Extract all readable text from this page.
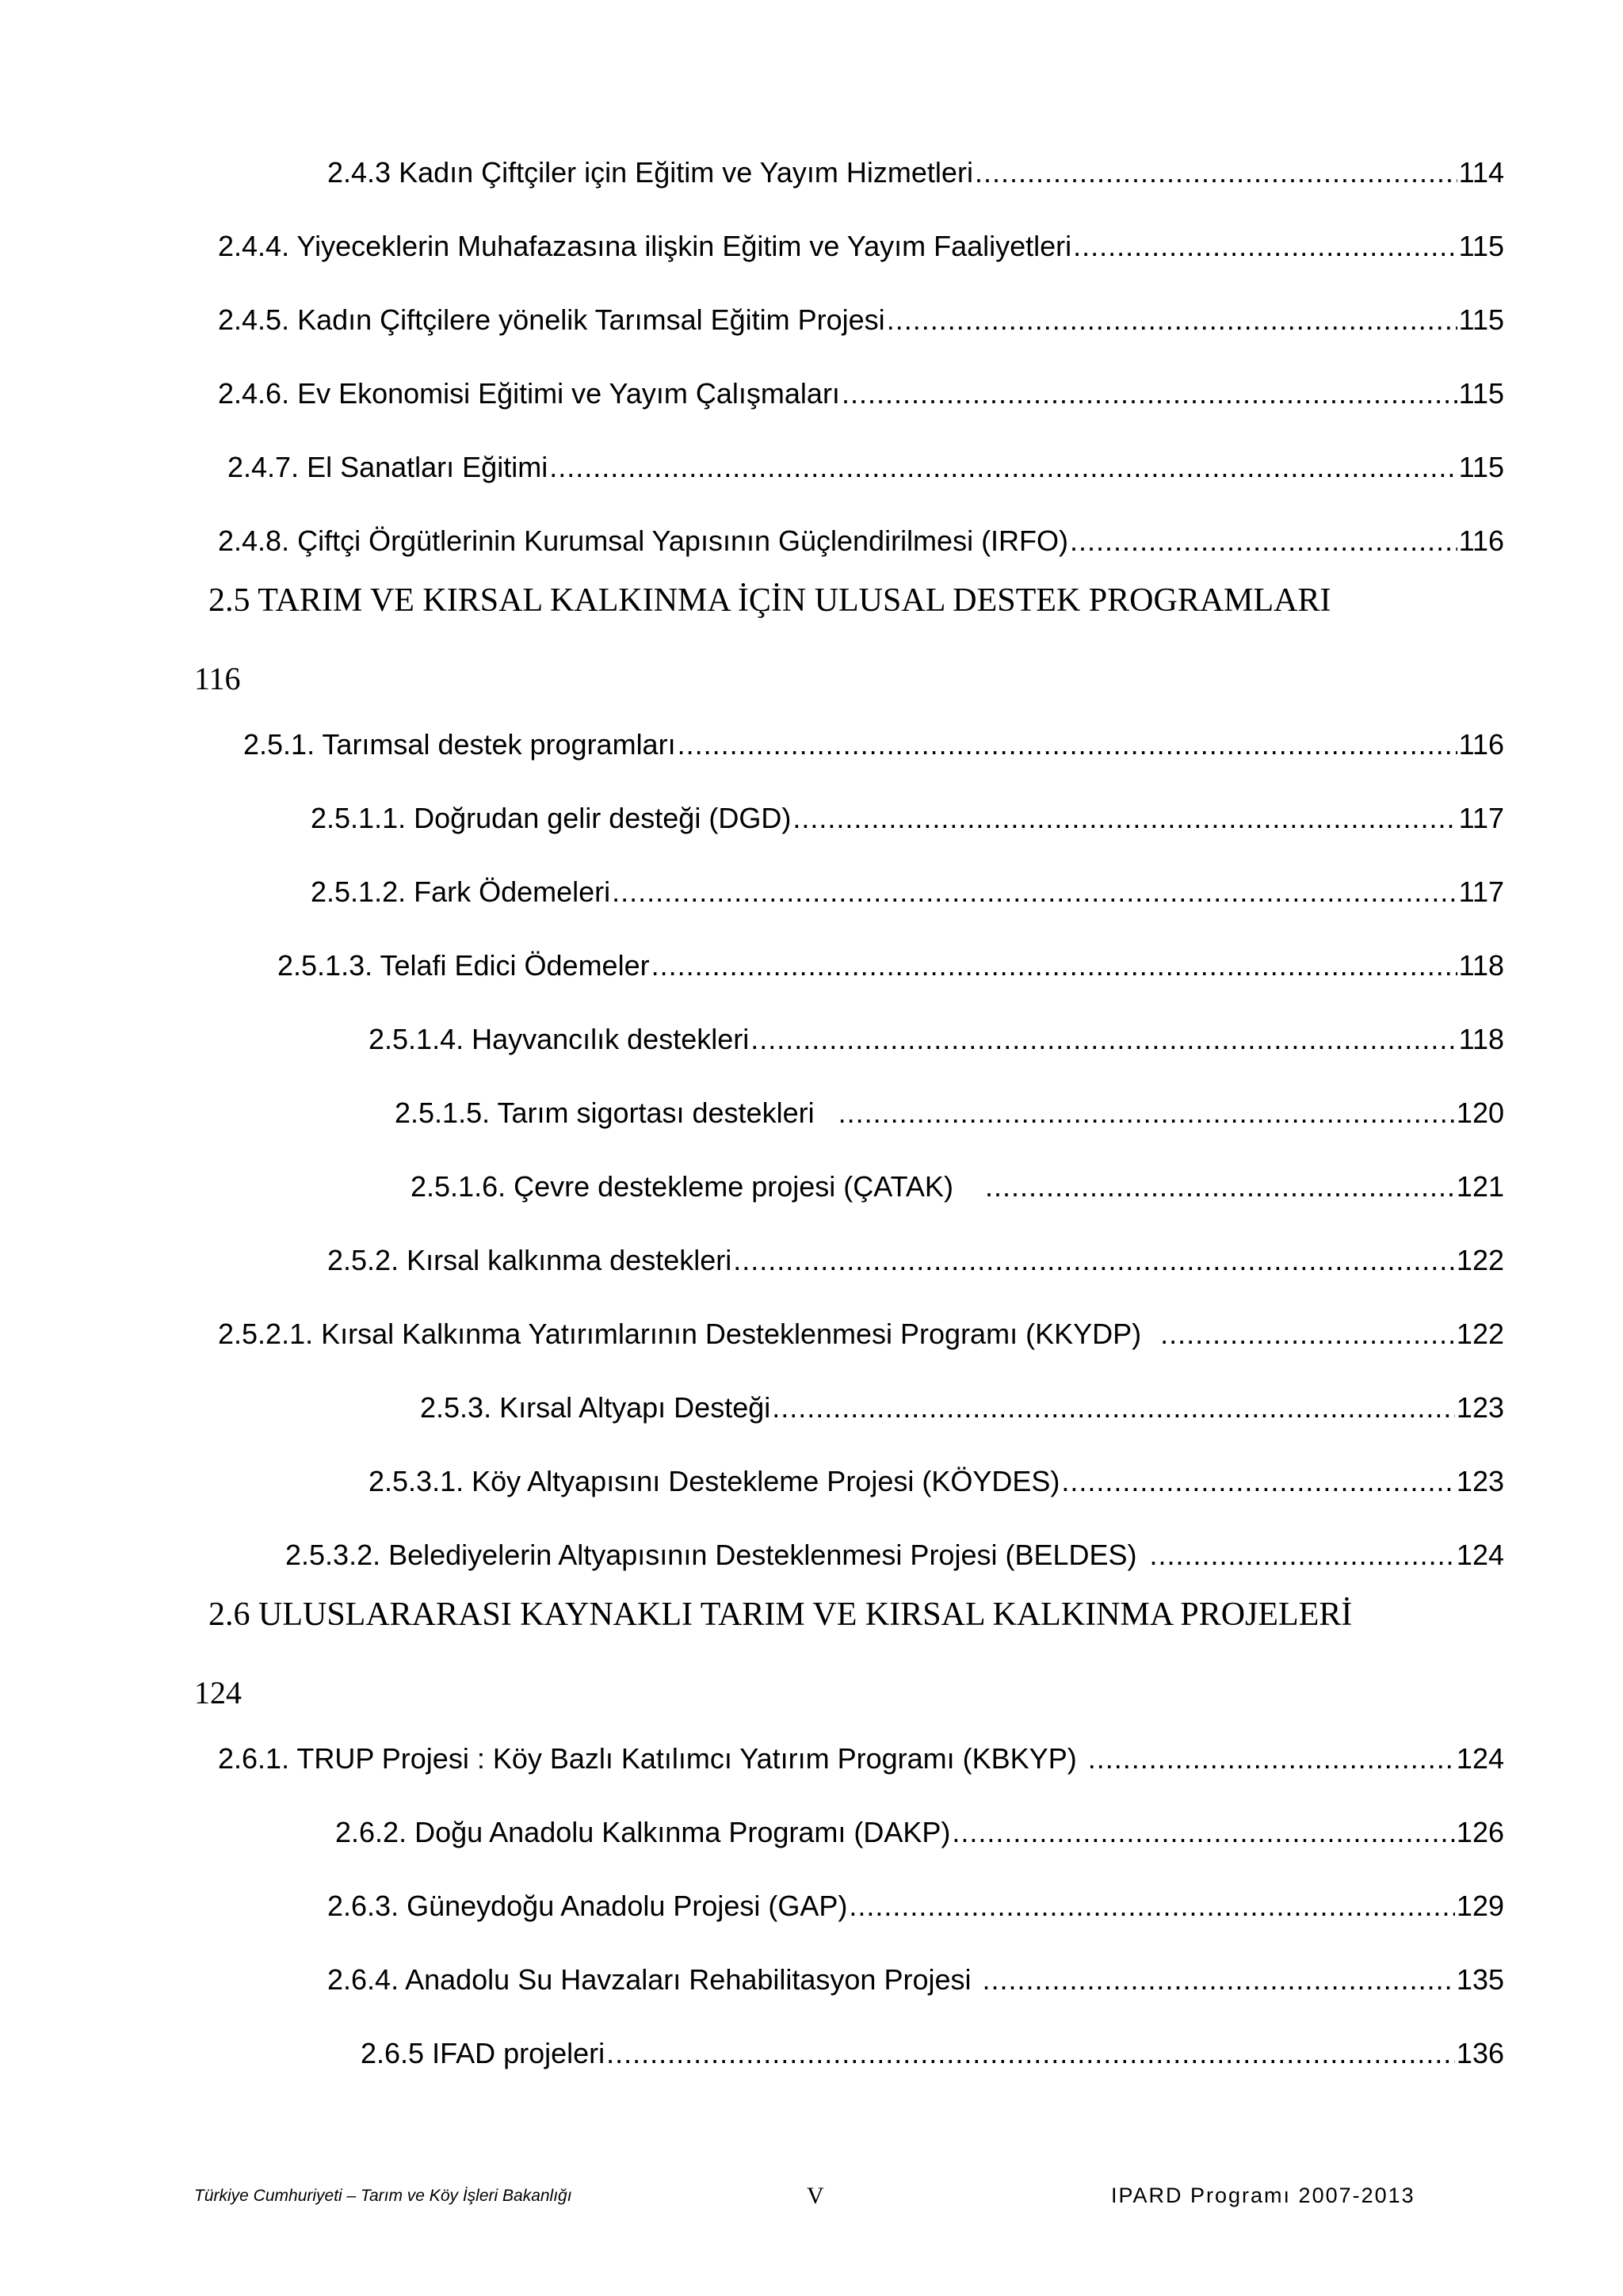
2.4.3 Kadın Çiftçiler için Eğitim ve Yayım Hizmetleri .....	114
2.4.4. Yiyeceklerin Muhafazasına ilişkin Eğitim ve Yayım Faaliyetleri .....	115
2.4.5. Kadın Çiftçilere yönelik Tarımsal Eğitim Projesi .....	115
2.4.6. Ev Ekonomisi Eğitimi ve Yayım Çalışmaları .....	115
2.4.7. El Sanatları Eğitimi .....	115
2.4.8. Çiftçi Örgütlerinin Kurumsal Yapısının Güçlendirilmesi (IRFO) .....	116
2.5 TARIM VE KIRSAL KALKINMA İÇİN ULUSAL DESTEK PROGRAMLARI
116
2.5.1. Tarımsal destek programları .....	116
2.5.1.1. Doğrudan gelir desteği (DGD) .....	117
2.5.1.2. Fark Ödemeleri .....	117
2.5.1.3. Telafi Edici Ödemeler .....	118
2.5.1.4. Hayvancılık destekleri .....	118
2.5.1.5. Tarım sigortası destekleri .....	120
2.5.1.6. Çevre destekleme projesi (ÇATAK) .....	121
2.5.2. Kırsal kalkınma destekleri .....	122
2.5.2.1. Kırsal Kalkınma Yatırımlarının Desteklenmesi Programı (KKYDP) .....	122
2.5.3. Kırsal Altyapı Desteği .....	123
2.5.3.1. Köy Altyapısını Destekleme Projesi (KÖYDES) .....	123
2.5.3.2. Belediyelerin Altyapısının Desteklenmesi Projesi (BELDES) .....	124
2.6 ULUSLARARASI KAYNAKLI TARIM VE KIRSAL KALKINMA PROJELERİ
124
2.6.1. TRUP Projesi : Köy Bazlı Katılımcı Yatırım Programı (KBKYP) .....	124
2.6.2. Doğu Anadolu Kalkınma Programı (DAKP) .....	126
2.6.3. Güneydoğu Anadolu Projesi (GAP) .....	129
2.6.4. Anadolu Su Havzaları Rehabilitasyon Projesi .....	135
2.6.5 IFAD projeleri .....	136
Türkiye Cumhuriyeti – Tarım ve Köy İşleri Bakanlığı	V	IPARD Programı 2007-2013
